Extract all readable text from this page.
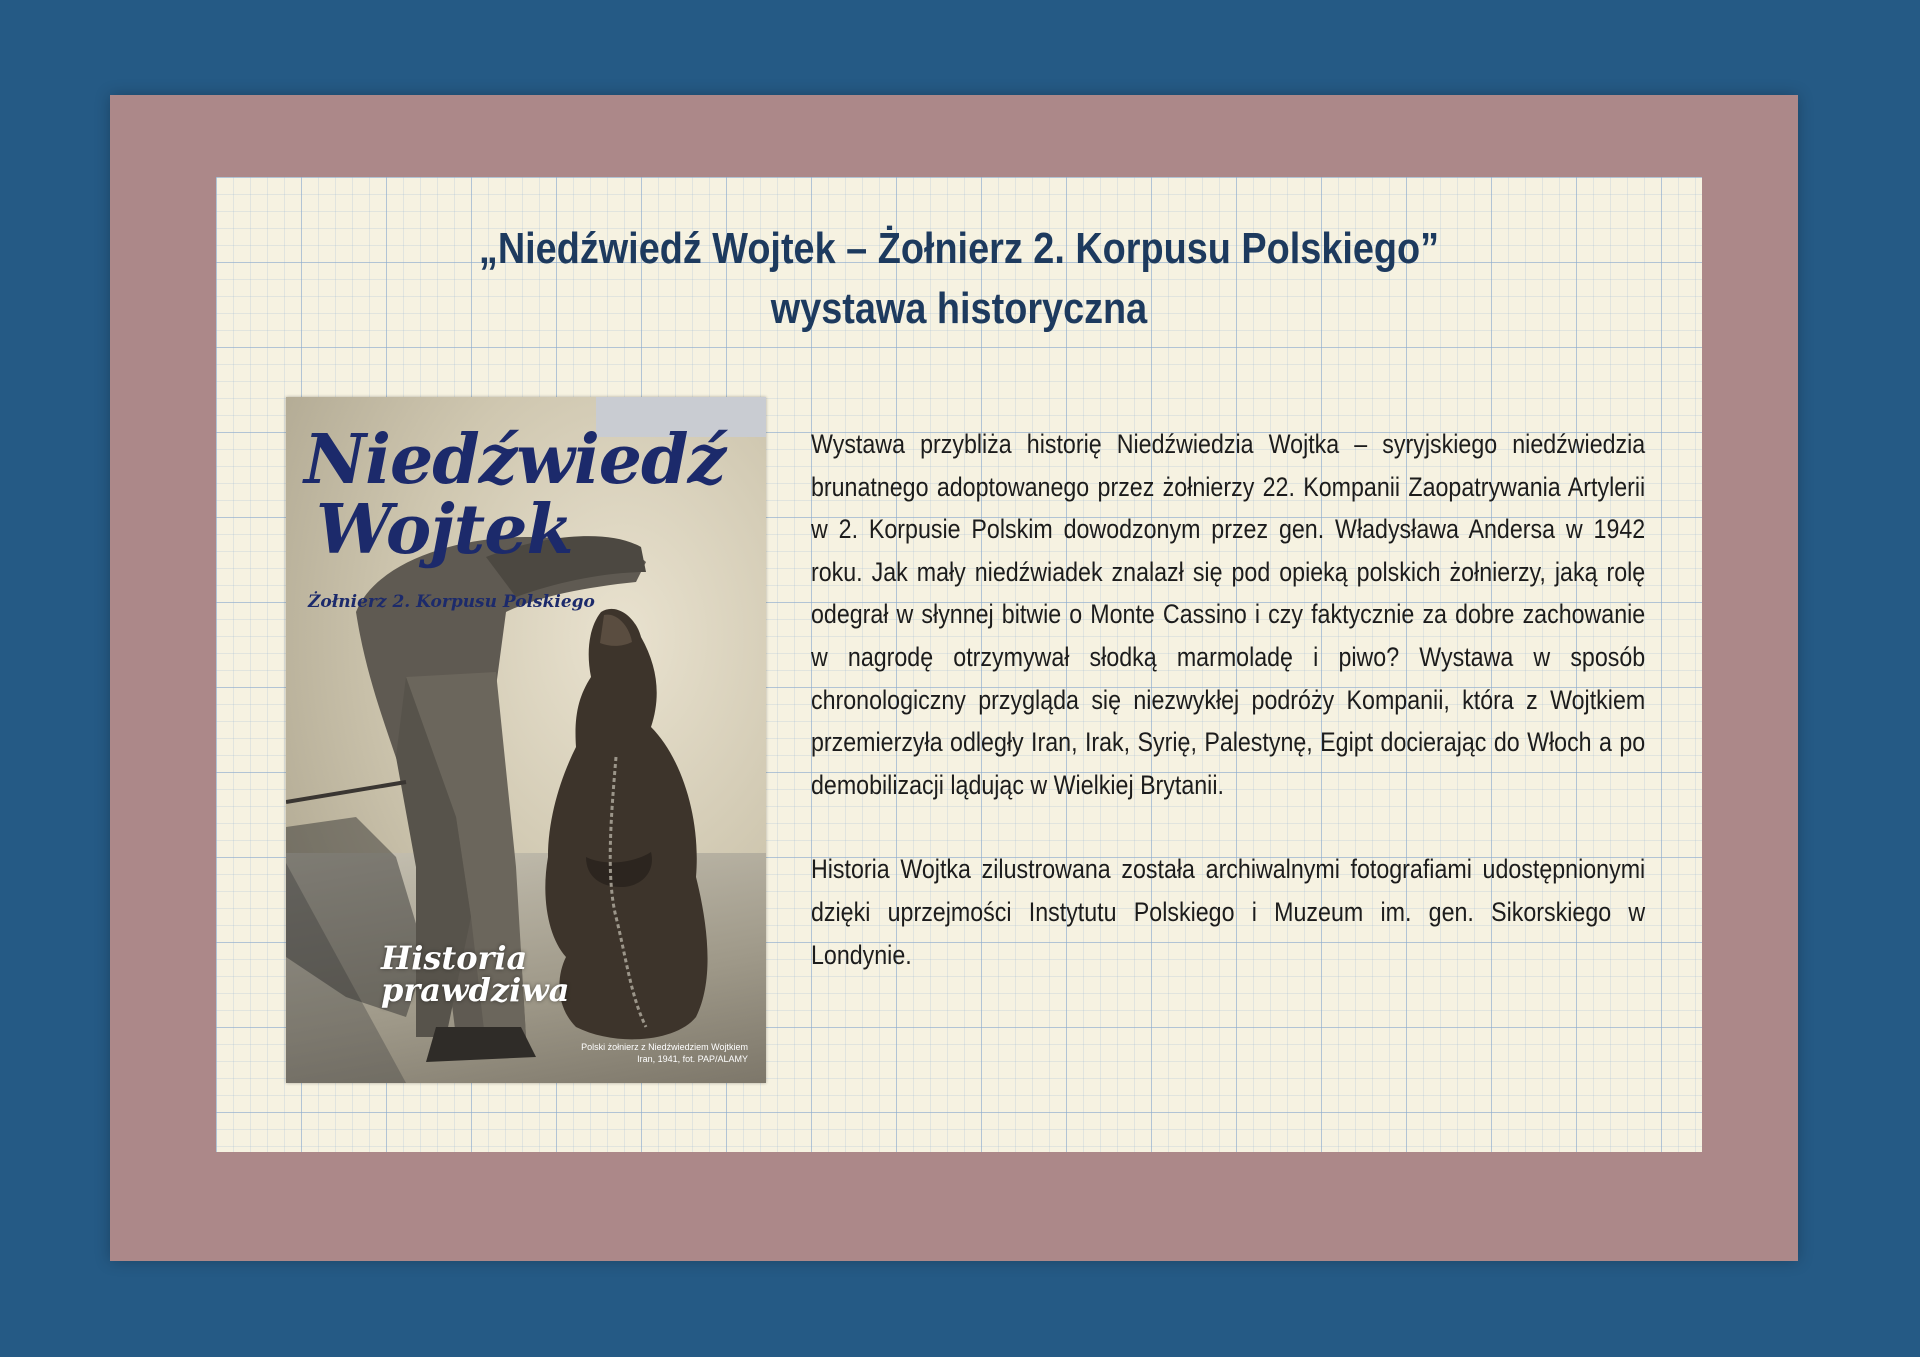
„Niedźwiedź Wojtek – Żołnierz 2. Korpusu Polskiego”
wystawa historyczna
Niedźwiedź
Wojtek
Żołnierz 2. Korpusu Polskiego
Historia
prawdziwa
Polski żołnierz z Niedźwiedziem Wojtkiem
Iran, 1941, fot. PAP/ALAMY

Wystawa przybliża historię Niedźwiedzia Wojtka – syryjskiego niedźwiedzia brunatnego adoptowanego przez żołnierzy 22. Kompanii Zaopatrywania Artylerii w 2. Korpusie Polskim dowodzonym przez gen. Władysława Andersa w 1942 roku. Jak mały niedźwiadek znalazł się pod opieką polskich żołnierzy, jaką rolę odegrał w słynnej bitwie o Monte Cassino i czy faktycznie za dobre zachowanie w nagrodę otrzymywał słodką marmoladę i piwo? Wystawa w sposób chronologiczny przygląda się niezwykłej podróży Kompanii, która z Wojtkiem przemierzyła odległy Iran, Irak, Syrię, Palestynę, Egipt docierając do Włoch a po demobilizacji lądując w Wielkiej Brytanii.

Historia Wojtka zilustrowana została archiwalnymi fotografiami udostępnionymi dzięki uprzejmości Instytutu Polskiego i Muzeum im. gen. Sikorskiego w Londynie.
